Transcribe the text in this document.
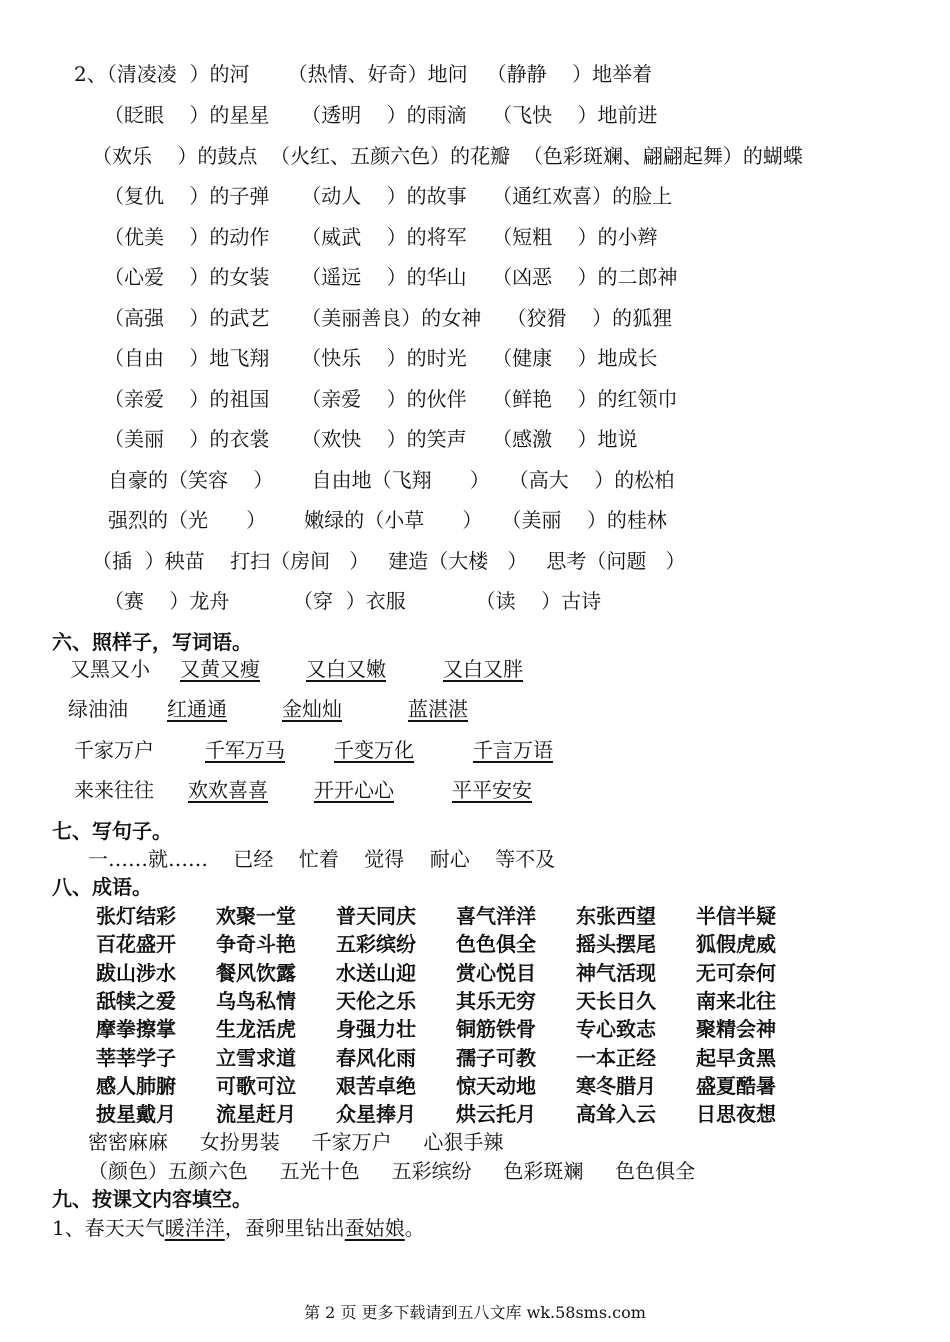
2、（清凌凌  ）的河      （热情、好奇）地问   （静静    ）地举着
（眨眼    ）的星星     （透明    ）的雨滴    （飞快    ）地前进
（欢乐    ）的鼓点  （火红、五颜六色）的花瓣  （色彩斑斓、翩翩起舞）的蝴蝶
（复仇    ）的子弹     （动人    ）的故事    （通红欢喜）的脸上
（优美    ）的动作     （威武    ）的将军    （短粗    ）的小辫
（心爱    ）的女装     （遥远    ）的华山    （凶恶    ）的二郎神
（高强    ）的武艺     （美丽善良）的女神    （狡猾    ）的狐狸
（自由    ）地飞翔     （快乐    ）的时光    （健康    ）地成长
（亲爱    ）的祖国     （亲爱    ）的伙伴    （鲜艳    ）的红领巾
（美丽    ）的衣裳     （欢快    ）的笑声    （感激    ）地说
自豪的（笑容    ）      自由地（飞翔      ）   （高大    ）的松柏
强烈的（光      ）      嫩绿的（小草      ）   （美丽    ）的桂林
（插  ）秧苗    打扫（房间   ）   建造（大楼   ）   思考（问题   ）
（赛    ）龙舟          （穿  ）衣服           （读    ）古诗
六、照样子，写词语。
又黑又小 又黄又瘦 又白又嫩	又白又胖
绿油油 红通通	金灿灿	蓝湛湛
千家万户	千军万马 千变万化	千言万语
来来往往 欢欢喜喜 开开心心	平平安安
七、写句子。
一……就……    已经    忙着    觉得    耐心    等不及
八、成语。
张灯结彩 欢聚一堂 普天同庆 喜气洋洋 东张西望 半信半疑
百花盛开 争奇斗艳 五彩缤纷 色色俱全 摇头摆尾 狐假虎威
跋山涉水 餐风饮露 水送山迎 赏心悦目 神气活现 无可奈何
舐犊之爱 乌鸟私情 天伦之乐 其乐无穷 天长日久 南来北往
摩拳擦掌 生龙活虎 身强力壮 铜筋铁骨 专心致志 聚精会神
莘莘学子 立雪求道 春风化雨 孺子可教 一本正经 起早贪黑
感人肺腑 可歌可泣 艰苦卓绝 惊天动地 寒冬腊月 盛夏酷暑
披星戴月 流星赶月 众星捧月 烘云托月 高耸入云 日思夜想
密密麻麻     女扮男装     千家万户     心狠手辣
（颜色）五颜六色     五光十色     五彩缤纷     色彩斑斓     色色俱全
九、按课文内容填空。
1、春天天气暖洋洋，蚕卵里钻出蚕姑娘。
第 2 页 更多下载请到五八文库 wk.58sms.com
